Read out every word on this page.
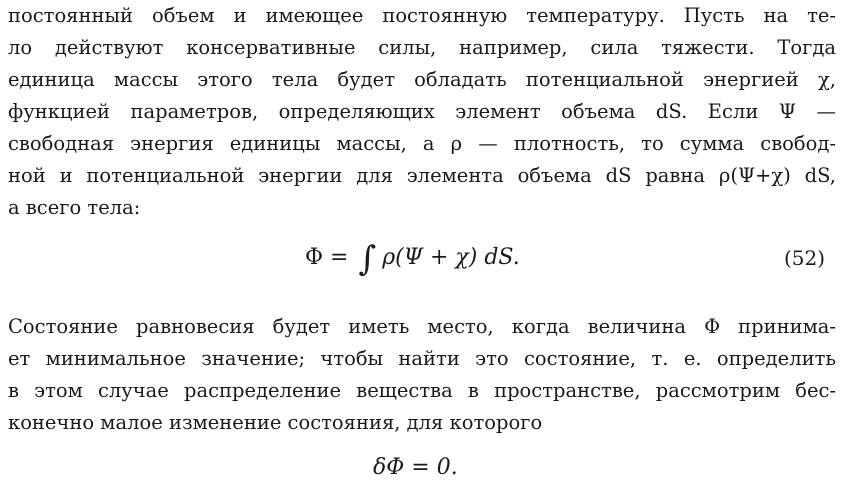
постоянный объем и имеющее постоянную температуру. Пусть на те-
ло действуют консервативные силы, например, сила тяжести. Тогда
единица массы этого тела будет обладать потенциальной энергией χ,
функцией параметров, определяющих элемент объема dS. Если Ψ —
свободная энергия единицы массы, а ρ — плотность, то сумма свобод-
ной и потенциальной энергии для элемента объема dS равна ρ(Ψ+χ) dS,
а всего тела:
Φ = ∫ ρ(Ψ + χ) dS.	(52)
Состояние равновесия будет иметь место, когда величина Φ принима-
ет минимальное значение; чтобы найти это состояние, т. е. определить
в этом случае распределение вещества в пространстве, рассмотрим бес-
конечно малое изменение состояния, для которого
δΦ = 0.
